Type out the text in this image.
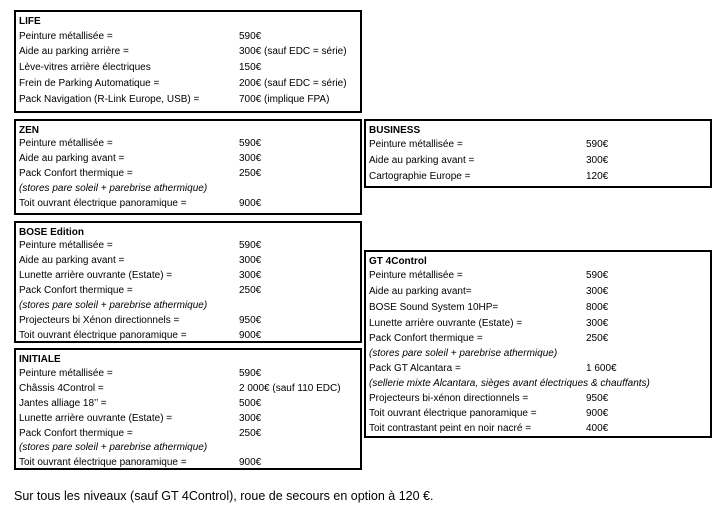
LIFE
Peinture métallisée =	590€
Aide au parking arrière =	300€ (sauf EDC = série)
Lève-vitres arrière électriques	150€
Frein de Parking Automatique =	200€ (sauf EDC = série)
Pack Navigation (R-Link Europe, USB) =	700€ (implique FPA)
ZEN
Peinture métallisée =	590€
Aide au parking avant =	300€
Pack Confort thermique =	250€
(stores pare soleil + parebrise athermique)
Toit ouvrant électrique panoramique =	900€
BOSE Edition
Peinture métallisée =	590€
Aide au parking avant =	300€
Lunette arrière ouvrante (Estate) =	300€
Pack Confort thermique =	250€
(stores pare soleil + parebrise athermique)
Projecteurs bi Xénon directionnels =	950€
Toit ouvrant électrique panoramique =	900€
INITIALE
Peinture métallisée =	590€
Châssis 4Control =	2 000€ (sauf 110 EDC)
Jantes alliage 18’’ =	500€
Lunette arrière ouvrante (Estate) =	300€
Pack Confort thermique =	250€
(stores pare soleil + parebrise athermique)
Toit ouvrant électrique panoramique =	900€
BUSINESS
Peinture métallisée =	590€
Aide au parking avant =	300€
Cartographie Europe =	120€
GT 4Control
Peinture métallisée =	590€
Aide au parking avant=	300€
BOSE Sound System 10HP=	800€
Lunette arrière ouvrante (Estate) =	300€
Pack Confort thermique =	250€
(stores pare soleil + parebrise athermique)
Pack GT Alcantara =	1 600€
(sellerie mixte Alcantara, sièges avant électriques & chauffants)
Projecteurs bi-xénon directionnels =	950€
Toit ouvrant électrique panoramique =	900€
Toit contrastant peint en noir nacré =	400€
Sur tous les niveaux (sauf GT 4Control), roue de secours en option à 120 €.
